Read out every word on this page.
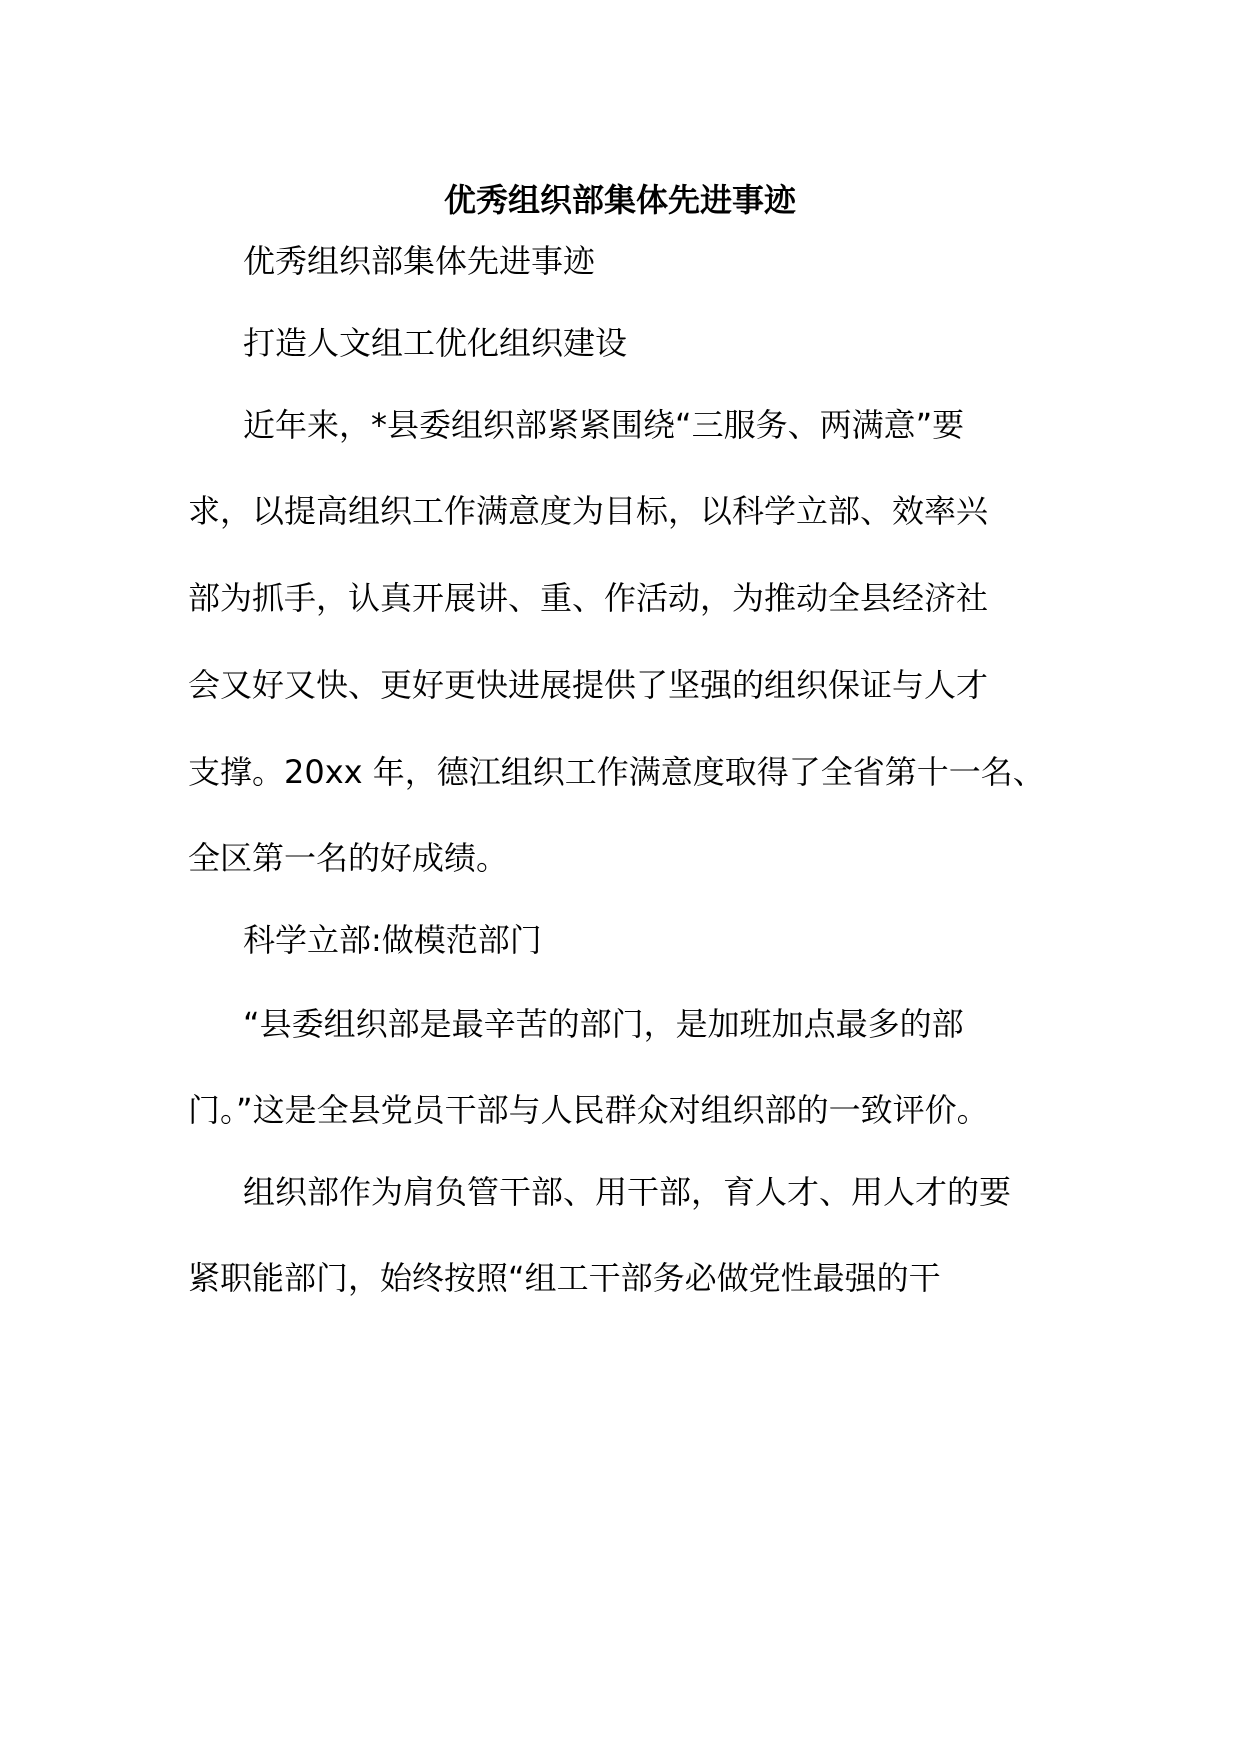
优秀组织部集体先进事迹
优秀组织部集体先进事迹
打造人文组工优化组织建设
近年来，*县委组织部紧紧围绕“三服务、两满意”要
求，以提高组织工作满意度为目标，以科学立部、效率兴
部为抓手，认真开展讲、重、作活动，为推动全县经济社
会又好又快、更好更快进展提供了坚强的组织保证与人才
支撑。20xx 年，德江组织工作满意度取得了全省第十一名、
全区第一名的好成绩。
科学立部:做模范部门
“县委组织部是最辛苦的部门，是加班加点最多的部
门。”这是全县党员干部与人民群众对组织部的一致评价。
组织部作为肩负管干部、用干部，育人才、用人才的要
紧职能部门，始终按照“组工干部务必做党性最强的干
